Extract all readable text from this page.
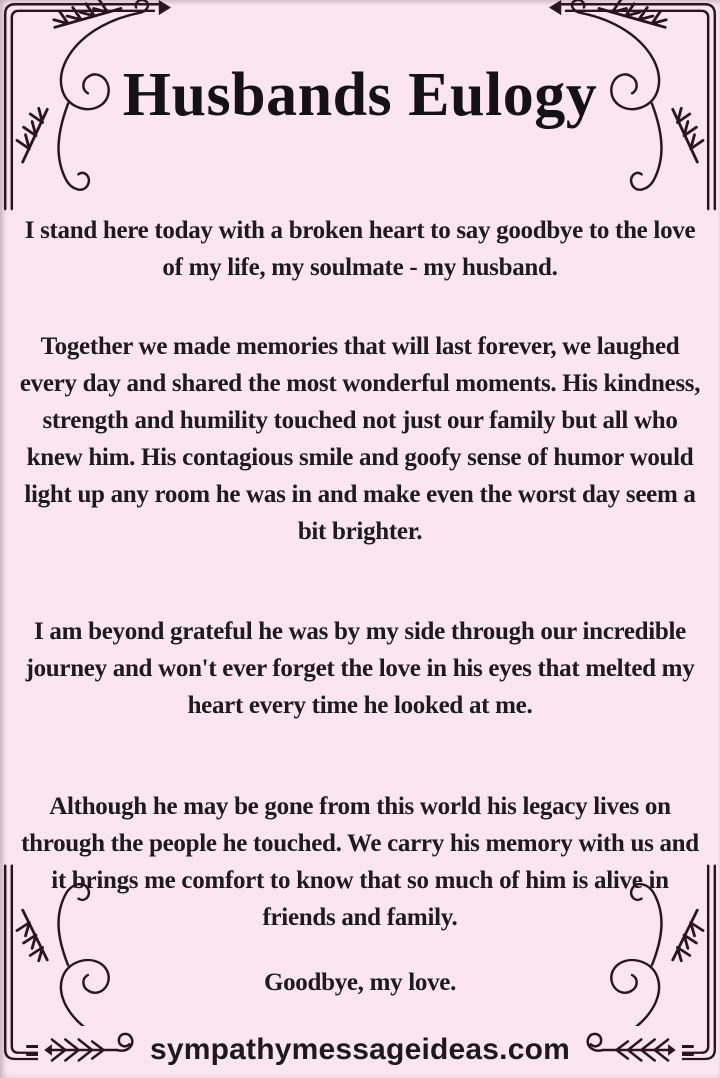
Husbands Eulogy

I stand here today with a broken heart to say goodbye to the love of my life, my soulmate - my husband.

Together we made memories that will last forever, we laughed every day and shared the most wonderful moments. His kindness, strength and humility touched not just our family but all who knew him. His contagious smile and goofy sense of humor would light up any room he was in and make even the worst day seem a bit brighter.

I am beyond grateful he was by my side through our incredible journey and won't ever forget the love in his eyes that melted my heart every time he looked at me.

Although he may be gone from this world his legacy lives on through the people he touched. We carry his memory with us and it brings me comfort to know that so much of him is alive in friends and family.

Goodbye, my love.

sympathymessageideas.com
